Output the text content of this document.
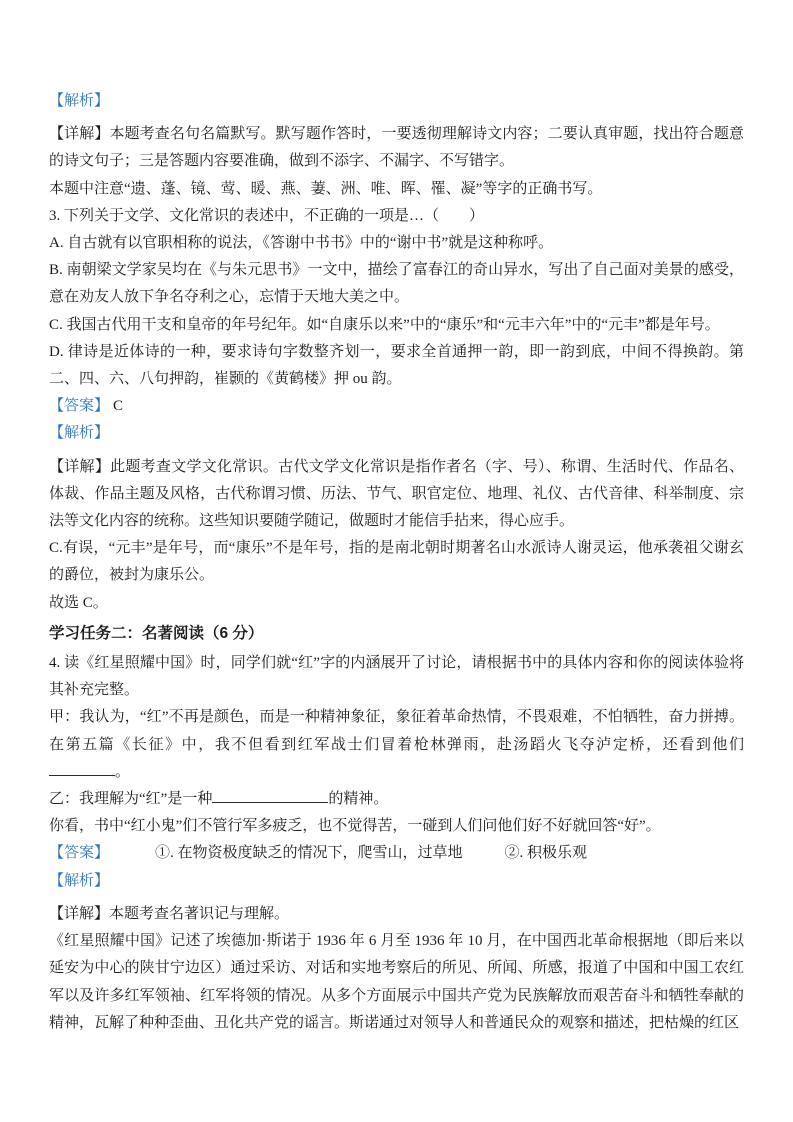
【解析】

【详解】本题考查名句名篇默写。默写题作答时，一要透彻理解诗文内容；二要认真审题，找出符合题意的诗文句子；三是答题内容要准确，做到不添字、不漏字、不写错字。

本题中注意“遗、蓬、镜、莺、暖、燕、萋、洲、唯、晖、罹、凝”等字的正确书写。

3. 下列关于文学、文化常识的表述中，不正确的一项是…（　　）

A. 自古就有以官职相称的说法，《答谢中书书》中的“谢中书”就是这种称呼。

B. 南朝梁文学家吴均在《与朱元思书》一文中，描绘了富春江的奇山异水，写出了自己面对美景的感受，意在劝友人放下争名夺利之心，忘情于天地大美之中。

C. 我国古代用干支和皇帝的年号纪年。如“自康乐以来”中的“康乐”和“元丰六年”中的“元丰”都是年号。

D. 律诗是近体诗的一种，要求诗句字数整齐划一，要求全首通押一韵，即一韵到底，中间不得换韵。第二、四、六、八句押韵，崔颢的《黄鹤楼》押 ou 韵。

【答案】 C

【解析】

【详解】此题考查文学文化常识。古代文学文化常识是指作者名（字、号）、称谓、生活时代、作品名、体裁、作品主题及风格，古代称谓习惯、历法、节气、职官定位、地理、礼仪、古代音律、科举制度、宗法等文化内容的统称。这些知识要随学随记，做题时才能信手拈来，得心应手。

C.有误，“元丰”是年号，而“康乐”不是年号，指的是南北朝时期著名山水派诗人谢灵运，他承袭祖父谢玄的爵位，被封为康乐公。

故选 C。

学习任务二：名著阅读（6 分）

4. 读《红星照耀中国》时，同学们就“红”字的内涵展开了讨论，请根据书中的具体内容和你的阅读体验将其补充完整。

甲：我认为，“红”不再是颜色，而是一种精神象征，象征着革命热情，不畏艰难，不怕牺牲，奋力拼搏。在第五篇《长征》中，我不但看到红军战士们冒着枪林弹雨，赴汤蹈火飞夺泸定桥，还看到他们。

乙：我理解为“红”是一种	的精神。

你看，书中“红小鬼”们不管行军多疲乏，也不觉得苦，一碰到人们问他们好不好就回答“好”。

【答案】	①. 在物资极度缺乏的情况下，爬雪山，过草地	②. 积极乐观

【解析】

【详解】本题考查名著识记与理解。

《红星照耀中国》记述了埃德加·斯诺于 1936 年 6 月至 1936 年 10 月，在中国西北革命根据地（即后来以延安为中心的陕甘宁边区）通过采访、对话和实地考察后的所见、所闻、所感，报道了中国和中国工农红军以及许多红军领袖、红军将领的情况。从多个方面展示中国共产党为民族解放而艰苦奋斗和牺牲奉献的精神，瓦解了种种歪曲、丑化共产党的谣言。斯诺通过对领导人和普通民众的观察和描述，把枯燥的红区
